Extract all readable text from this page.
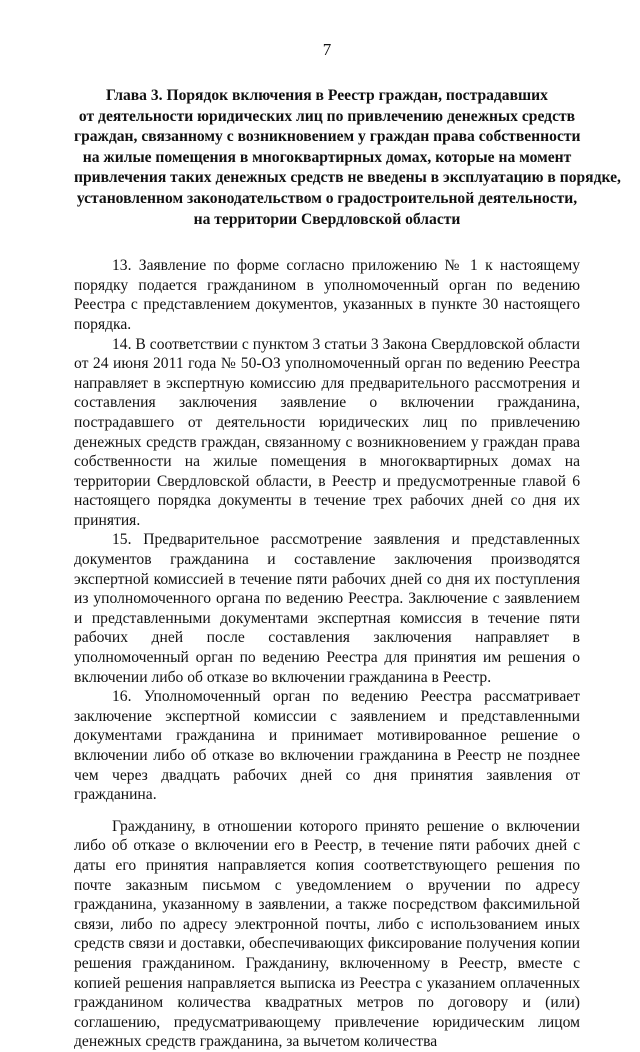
7
Глава 3. Порядок включения в Реестр граждан, пострадавших
от деятельности юридических лиц по привлечению денежных средств
граждан, связанному с возникновением у граждан права собственности
на жилые помещения в многоквартирных домах, которые на момент
привлечения таких денежных средств не введены в эксплуатацию в порядке,
установленном законодательством о градостроительной деятельности,
на территории Свердловской области

13. Заявление по форме согласно приложению № 1 к настоящему порядку подается гражданином в уполномоченный орган по ведению Реестра с представлением документов, указанных в пункте 30 настоящего порядка.

14. В соответствии с пунктом 3 статьи 3 Закона Свердловской области от 24 июня 2011 года № 50-ОЗ уполномоченный орган по ведению Реестра направляет в экспертную комиссию для предварительного рассмотрения и составления заключения заявление о включении гражданина, пострадавшего от деятельности юридических лиц по привлечению денежных средств граждан, связанному с возникновением у граждан права собственности на жилые помещения в многоквартирных домах на территории Свердловской области, в Реестр и предусмотренные главой 6 настоящего порядка документы в течение трех рабочих дней со дня их принятия.

15. Предварительное рассмотрение заявления и представленных документов гражданина и составление заключения производятся экспертной комиссией в течение пяти рабочих дней со дня их поступления из уполномоченного органа по ведению Реестра. Заключение с заявлением и представленными документами экспертная комиссия в течение пяти рабочих дней после составления заключения направляет в уполномоченный орган по ведению Реестра для принятия им решения о включении либо об отказе во включении гражданина в Реестр.

16. Уполномоченный орган по ведению Реестра рассматривает заключение экспертной комиссии с заявлением и представленными документами гражданина и принимает мотивированное решение о включении либо об отказе во включении гражданина в Реестр не позднее чем через двадцать рабочих дней со дня принятия заявления от гражданина.

Гражданину, в отношении которого принято решение о включении либо об отказе о включении его в Реестр, в течение пяти рабочих дней с даты его принятия направляется копия соответствующего решения по почте заказным письмом с уведомлением о вручении по адресу гражданина, указанному в заявлении, а также посредством факсимильной связи, либо по адресу электронной почты, либо с использованием иных средств связи и доставки, обеспечивающих фиксирование получения копии решения гражданином. Гражданину, включенному в Реестр, вместе с копией решения направляется выписка из Реестра с указанием оплаченных гражданином количества квадратных метров по договору и (или) соглашению, предусматривающему привлечение юридическим лицом денежных средств гражданина, за вычетом количества
